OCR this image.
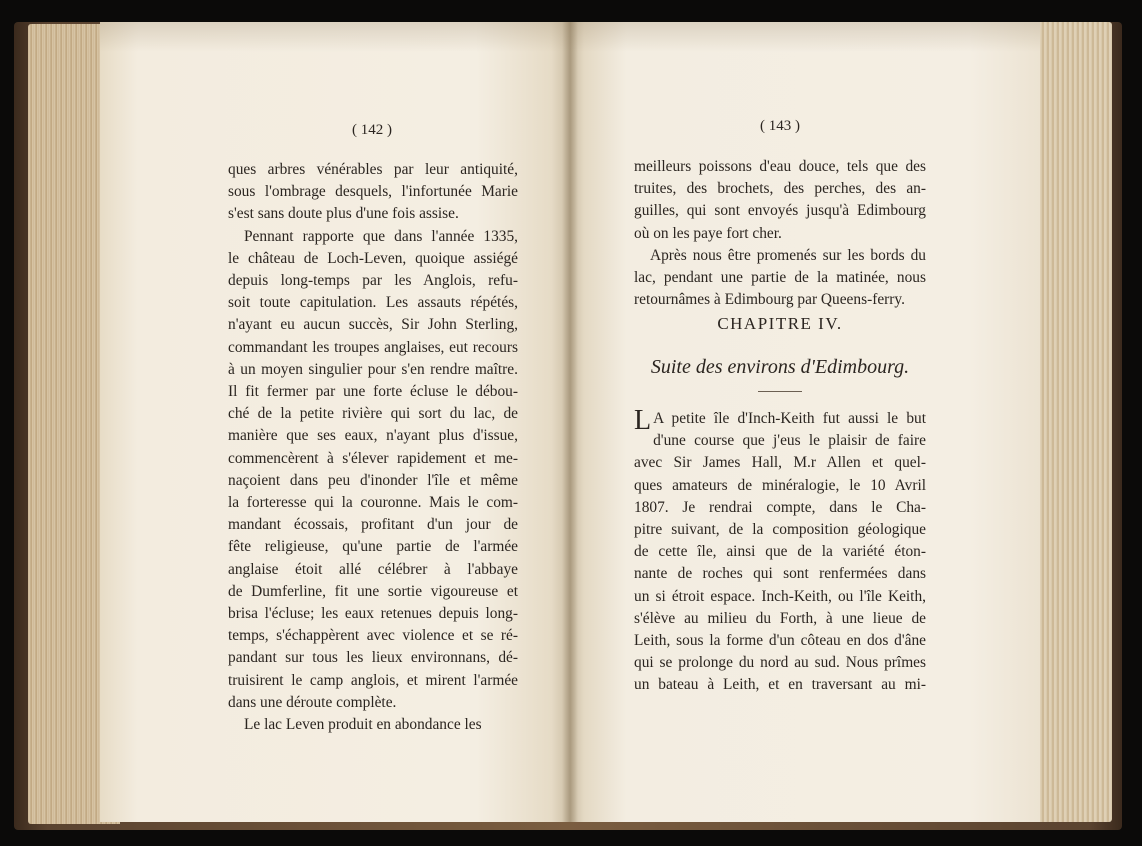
( 142 )
ques arbres vénérables par leur antiquité,
sous l'ombrage desquels, l'infortunée Marie
s'est sans doute plus d'une fois assise.
Pennant rapporte que dans l'année 1335,
le château de Loch-Leven, quoique assiégé
depuis long-temps par les Anglois, refu-
soit toute capitulation. Les assauts répétés,
n'ayant eu aucun succès, Sir John Sterling,
commandant les troupes anglaises, eut recours
à un moyen singulier pour s'en rendre maître.
Il fit fermer par une forte écluse le débou-
ché de la petite rivière qui sort du lac, de
manière que ses eaux, n'ayant plus d'issue,
commencèrent à s'élever rapidement et me-
naçoient dans peu d'inonder l'île et même
la forteresse qui la couronne. Mais le com-
mandant écossais, profitant d'un jour de
fête religieuse, qu'une partie de l'armée
anglaise étoit allé célébrer à l'abbaye
de Dumferline, fit une sortie vigoureuse et
brisa l'écluse; les eaux retenues depuis long-
temps, s'échappèrent avec violence et se ré-
pandant sur tous les lieux environnans, dé-
truisirent le camp anglois, et mirent l'armée
dans une déroute complète.
Le lac Leven produit en abondance les
( 143 )
meilleurs poissons d'eau douce, tels que des
truites, des brochets, des perches, des an-
guilles, qui sont envoyés jusqu'à Edimbourg
où on les paye fort cher.
Après nous être promenés sur les bords du
lac, pendant une partie de la matinée, nous
retournâmes à Edimbourg par Queens-ferry.
CHAPITRE IV.
Suite des environs d'Edimbourg.
L A petite île d'Inch-Keith fut aussi le but
d'une course que j'eus le plaisir de faire
avec Sir James Hall, M.r Allen et quel-
ques amateurs de minéralogie, le 10 Avril
1807. Je rendrai compte, dans le Cha-
pitre suivant, de la composition géologique
de cette île, ainsi que de la variété éton-
nante de roches qui sont renfermées dans
un si étroit espace. Inch-Keith, ou l'île Keith,
s'élève au milieu du Forth, à une lieue de
Leith, sous la forme d'un côteau en dos d'âne
qui se prolonge du nord au sud. Nous prîmes
un bateau à Leith, et en traversant au mi-
